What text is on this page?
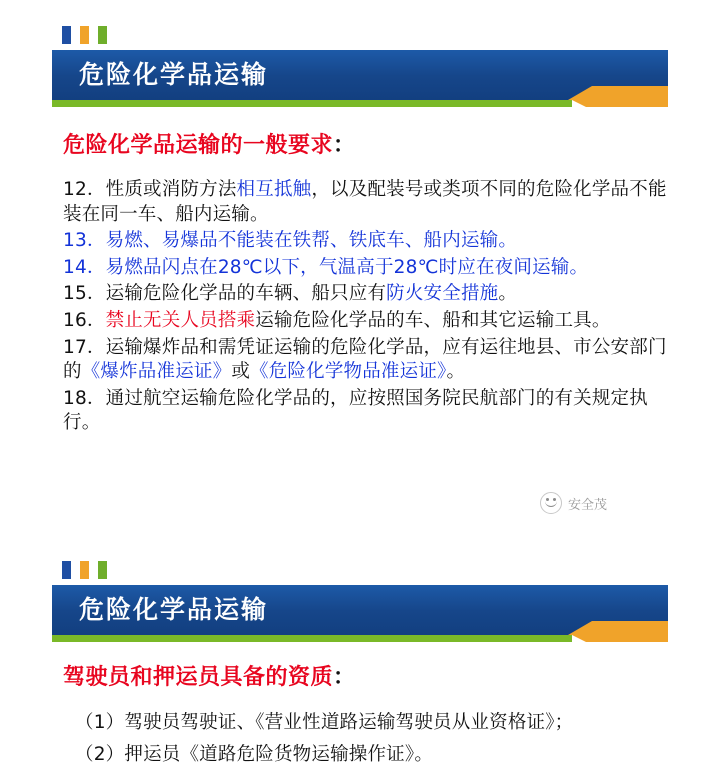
危险化学品运输
危险化学品运输的一般要求：
12．性质或消防方法相互抵触，以及配装号或类项不同的危险化学品不能装在同一车、船内运输。
13．易燃、易爆品不能装在铁帮、铁底车、船内运输。
14．易燃品闪点在28℃以下，气温高于28℃时应在夜间运输。
15．运输危险化学品的车辆、船只应有防火安全措施。
16．禁止无关人员搭乘运输危险化学品的车、船和其它运输工具。
17．运输爆炸品和需凭证运输的危险化学品，应有运往地县、市公安部门的《爆炸品准运证》或《危险化学物品准运证》。
18．通过航空运输危险化学品的，应按照国务院民航部门的有关规定执行。
安全茂
危险化学品运输
驾驶员和押运员具备的资质：
（1）驾驶员驾驶证、《营业性道路运输驾驶员从业资格证》；
（2）押运员《道路危险货物运输操作证》。
